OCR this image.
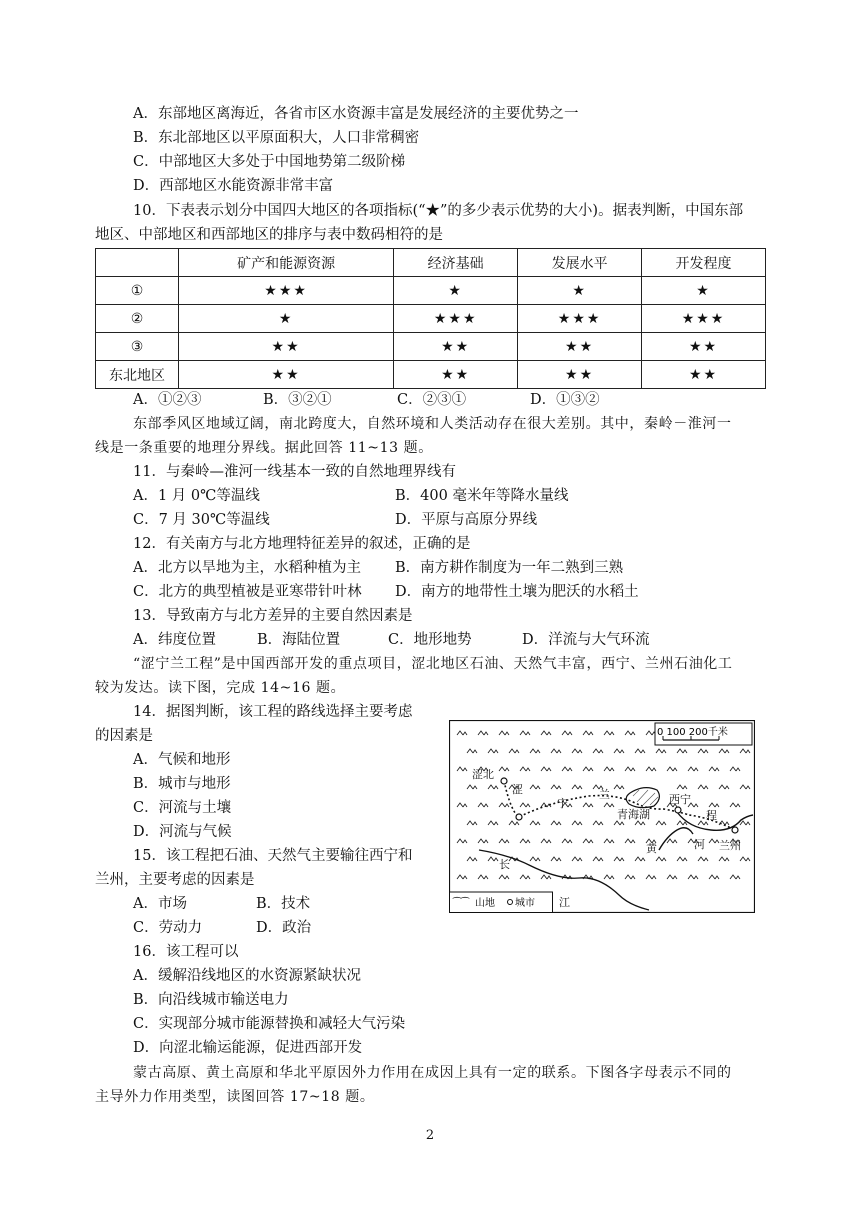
A．东部地区离海近，各省市区水资源丰富是发展经济的主要优势之一
B．东北部地区以平原面积大，人口非常稠密
C．中部地区大多处于中国地势第二级阶梯
D．西部地区水能资源非常丰富
10．下表表示划分中国四大地区的各项指标(“★”的多少表示优势的大小)。据表判断，中国东部
地区、中部地区和西部地区的排序与表中数码相符的是
	矿产和能源资源	经济基础	发展水平	开发程度
①	★★★	★	★	★
②	★	★★★	★★★	★★★
③	★★	★★	★★	★★
东北地区	★★	★★	★★	★★
A．①②③	B．③②①	C．②③①	D．①③②
东部季风区地域辽阔，南北跨度大，自然环境和人类活动存在很大差别。其中，秦岭－淮河一
线是一条重要的地理分界线。据此回答 11~13 题。
11．与秦岭—淮河一线基本一致的自然地理界线有
A．1 月 0℃等温线	B．400 毫米年等降水量线
C．7 月 30℃等温线	D．平原与高原分界线
12．有关南方与北方地理特征差异的叙述，正确的是
A．北方以旱地为主，水稻种植为主 B．南方耕作制度为一年二熟到三熟
C．北方的典型植被是亚寒带针叶林 D．南方的地带性土壤为肥沃的水稻土
13．导致南方与北方差异的主要自然因素是
A．纬度位置	B．海陆位置	C．地形地势	D．洋流与大气环流
“涩宁兰工程”是中国西部开发的重点项目，涩北地区石油、天然气丰富，西宁、兰州石油化工
较为发达。读下图，完成 14~16 题。
14．据图判断，该工程的路线选择主要考虑
的因素是
A．气候和地形
B．城市与地形
C．河流与土壤
D．河流与气候
15．该工程把石油、天然气主要输往西宁和
兰州，主要考虑的因素是
A．市场	B．技术
C．劳动力	D．政治
16．该工程可以
A．缓解沿线地区的水资源紧缺状况
B．向沿线城市输送电力
C．实现部分城市能源替换和减轻大气污染
D．向涩北输运能源，促进西部开发
蒙古高原、黄土高原和华北平原因外力作用在成因上具有一定的联系。下图各字母表示不同的
主导外力作用类型，读图回答 17~18 题。
0 100 200千米
涩北
涩
宁
兰
青海湖
西宁
程
兰州
黄	河
长
江
⁀⁀ 山地 城市
2
